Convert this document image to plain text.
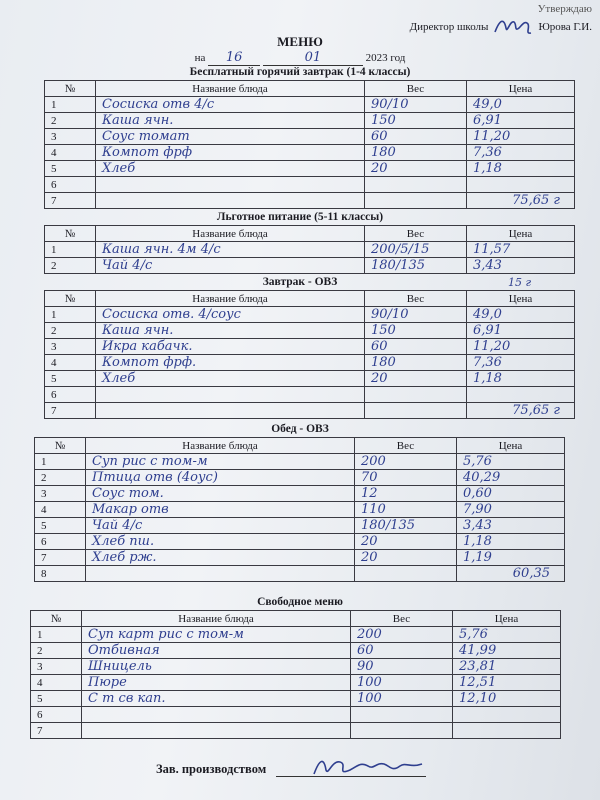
Утверждаю
Директор школы	Юрова Г.И.
МЕНЮ
на 16	01	2023 год
Бесплатный горячий завтрак (1-4 классы)
№	Название блюда	Вес	Цена
1	Сосиска отв 4/с	90/10	49,0
2	Каша ячн.	150	6,91
3	Соус томат	60	11,20
4	Компот фрф	180	7,36
5	Хлеб	20	1,18
6			
7			75,65 г
Льготное питание (5-11 классы)
№	Название блюда	Вес	Цена
1	Каша ячн. 4м 4/с	200/5/15	11,57
2	Чай 4/с	180/135	3,43
15 г
Завтрак - ОВЗ
№	Название блюда	Вес	Цена
1	Сосиска отв. 4/соус	90/10	49,0
2	Каша ячн.	150	6,91
3	Икра кабачк.	60	11,20
4	Компот фрф.	180	7,36
5	Хлеб	20	1,18
6			
7			75,65 г
Обед - ОВЗ
№	Название блюда	Вес	Цена
1	Суп рис с том-м	200	5,76
2	Птица отв (4оус)	70	40,29
3	Соус том.	12	0,60
4	Макар отв	110	7,90
5	Чай 4/с	180/135	3,43
6	Хлеб пш.	20	1,18
7	Хлеб рж.	20	1,19
8			60,35
Свободное меню
№	Название блюда	Вес	Цена
1	Суп карт рис с том-м	200	5,76
2	Отбивная	60	41,99
3	Шницель	90	23,81
4	Пюре	100	12,51
5	С т св кап.	100	12,10
6			
7			
Зав. производством
